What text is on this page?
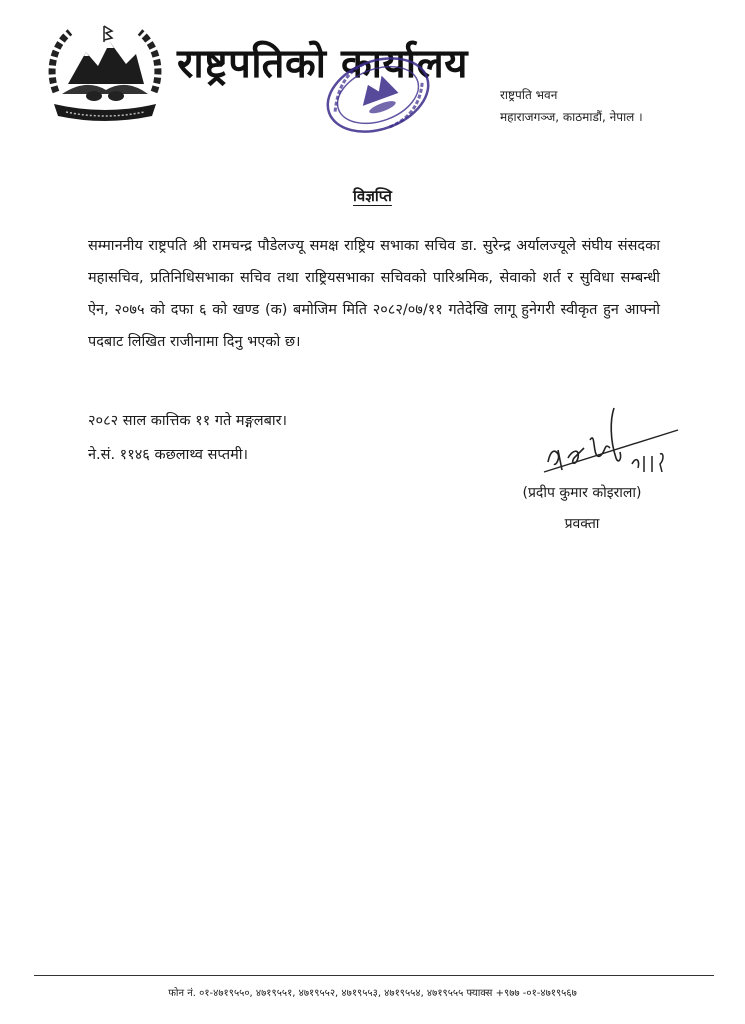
राष्ट्रपतिको कार्यालय
राष्ट्रपति भवन
महाराजगञ्ज, काठमाडौं, नेपाल ।
विज्ञप्ति
सम्माननीय राष्ट्रपति श्री रामचन्द्र पौडेलज्यू समक्ष राष्ट्रिय सभाका सचिव डा. सुरेन्द्र अर्यालज्यूले संघीय संसदका महासचिव, प्रतिनिधिसभाका सचिव तथा राष्ट्रियसभाका सचिवको पारिश्रमिक, सेवाको शर्त र सुविधा सम्बन्धी ऐन, २०७५ को दफा ६ को खण्ड (क) बमोजिम मिति २०८२/०७/११ गतेदेखि लागू हुनेगरी स्वीकृत हुन आफ्नो पदबाट लिखित राजीनामा दिनु भएको छ।
२०८२ साल कात्तिक ११ गते मङ्गलबार।
ने.सं. ११४६ कछलाथ्व सप्तमी।
(प्रदीप कुमार कोइराला)
प्रवक्ता
फोन नं. ०१-४७१९५५०, ४७१९५५१, ४७१९५५२, ४७१९५५३, ४७१९५५४, ४७१९५५५ फ्याक्स +९७७ -०१-४७१९५६७
